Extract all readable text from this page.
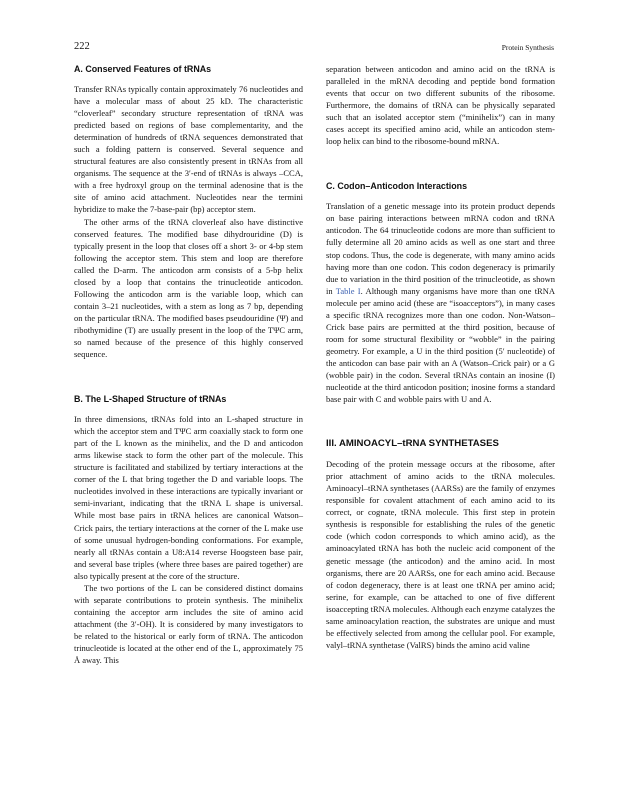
222	Protein Synthesis
A. Conserved Features of tRNAs

Transfer RNAs typically contain approximately 76 nucleotides and have a molecular mass of about 25 kD. The characteristic “cloverleaf” secondary structure representation of tRNA was predicted based on regions of base complementarity, and the determination of hundreds of tRNA sequences demonstrated that such a folding pattern is conserved. Several sequence and structural features are also consistently present in tRNAs from all organisms. The sequence at the 3′-end of tRNAs is always –CCA, with a free hydroxyl group on the terminal adenosine that is the site of amino acid attachment. Nucleotides near the termini hybridize to make the 7-base-pair (bp) acceptor stem.

The other arms of the tRNA cloverleaf also have distinctive conserved features. The modified base dihydrouridine (D) is typically present in the loop that closes off a short 3- or 4-bp stem following the acceptor stem. This stem and loop are therefore called the D-arm. The anticodon arm consists of a 5-bp helix closed by a loop that contains the trinucleotide anticodon. Following the anticodon arm is the variable loop, which can contain 3–21 nucleotides, with a stem as long as 7 bp, depending on the particular tRNA. The modified bases pseudouridine (Ψ) and ribothymidine (T) are usually present in the loop of the TΨC arm, so named because of the presence of this highly conserved sequence.

B. The L-Shaped Structure of tRNAs

In three dimensions, tRNAs fold into an L-shaped structure in which the acceptor stem and TΨC arm coaxially stack to form one part of the L known as the minihelix, and the D and anticodon arms likewise stack to form the other part of the molecule. This structure is facilitated and stabilized by tertiary interactions at the corner of the L that bring together the D and variable loops. The nucleotides involved in these interactions are typically invariant or semi-invariant, indicating that the tRNA L shape is universal. While most base pairs in tRNA helices are canonical Watson–Crick pairs, the tertiary interactions at the corner of the L make use of some unusual hydrogen-bonding conformations. For example, nearly all tRNAs contain a U8:A14 reverse Hoogsteen base pair, and several base triples (where three bases are paired together) are also typically present at the core of the structure.

The two portions of the L can be considered distinct domains with separate contributions to protein synthesis. The minihelix containing the acceptor arm includes the site of amino acid attachment (the 3′-OH). It is considered by many investigators to be related to the historical or early form of tRNA. The anticodon trinucleotide is located at the other end of the L, approximately 75 Å away. This

separation between anticodon and amino acid on the tRNA is paralleled in the mRNA decoding and peptide bond formation events that occur on two different subunits of the ribosome. Furthermore, the domains of tRNA can be physically separated such that an isolated acceptor stem (“minihelix”) can in many cases accept its specified amino acid, while an anticodon stem-loop helix can bind to the ribosome-bound mRNA.

C. Codon–Anticodon Interactions

Translation of a genetic message into its protein product depends on base pairing interactions between mRNA codon and tRNA anticodon. The 64 trinucleotide codons are more than sufficient to fully determine all 20 amino acids as well as one start and three stop codons. Thus, the code is degenerate, with many amino acids having more than one codon. This codon degeneracy is primarily due to variation in the third position of the trinucleotide, as shown in Table I. Although many organisms have more than one tRNA molecule per amino acid (these are “isoacceptors”), in many cases a specific tRNA recognizes more than one codon. Non-Watson–Crick base pairs are permitted at the third position, because of room for some structural flexibility or “wobble” in the pairing geometry. For example, a U in the third position (5′ nucleotide) of the anticodon can base pair with an A (Watson–Crick pair) or a G (wobble pair) in the codon. Several tRNAs contain an inosine (I) nucleotide at the third anticodon position; inosine forms a standard base pair with C and wobble pairs with U and A.

III. AMINOACYL–tRNA SYNTHETASES

Decoding of the protein message occurs at the ribosome, after prior attachment of amino acids to the tRNA molecules. Aminoacyl–tRNA synthetases (AARSs) are the family of enzymes responsible for covalent attachment of each amino acid to its correct, or cognate, tRNA molecule. This first step in protein synthesis is responsible for establishing the rules of the genetic code (which codon corresponds to which amino acid), as the aminoacylated tRNA has both the nucleic acid component of the genetic message (the anticodon) and the amino acid. In most organisms, there are 20 AARSs, one for each amino acid. Because of codon degeneracy, there is at least one tRNA per amino acid; serine, for example, can be attached to one of five different isoaccepting tRNA molecules. Although each enzyme catalyzes the same aminoacylation reaction, the substrates are unique and must be effectively selected from among the cellular pool. For example, valyl–tRNA synthetase (ValRS) binds the amino acid valine
